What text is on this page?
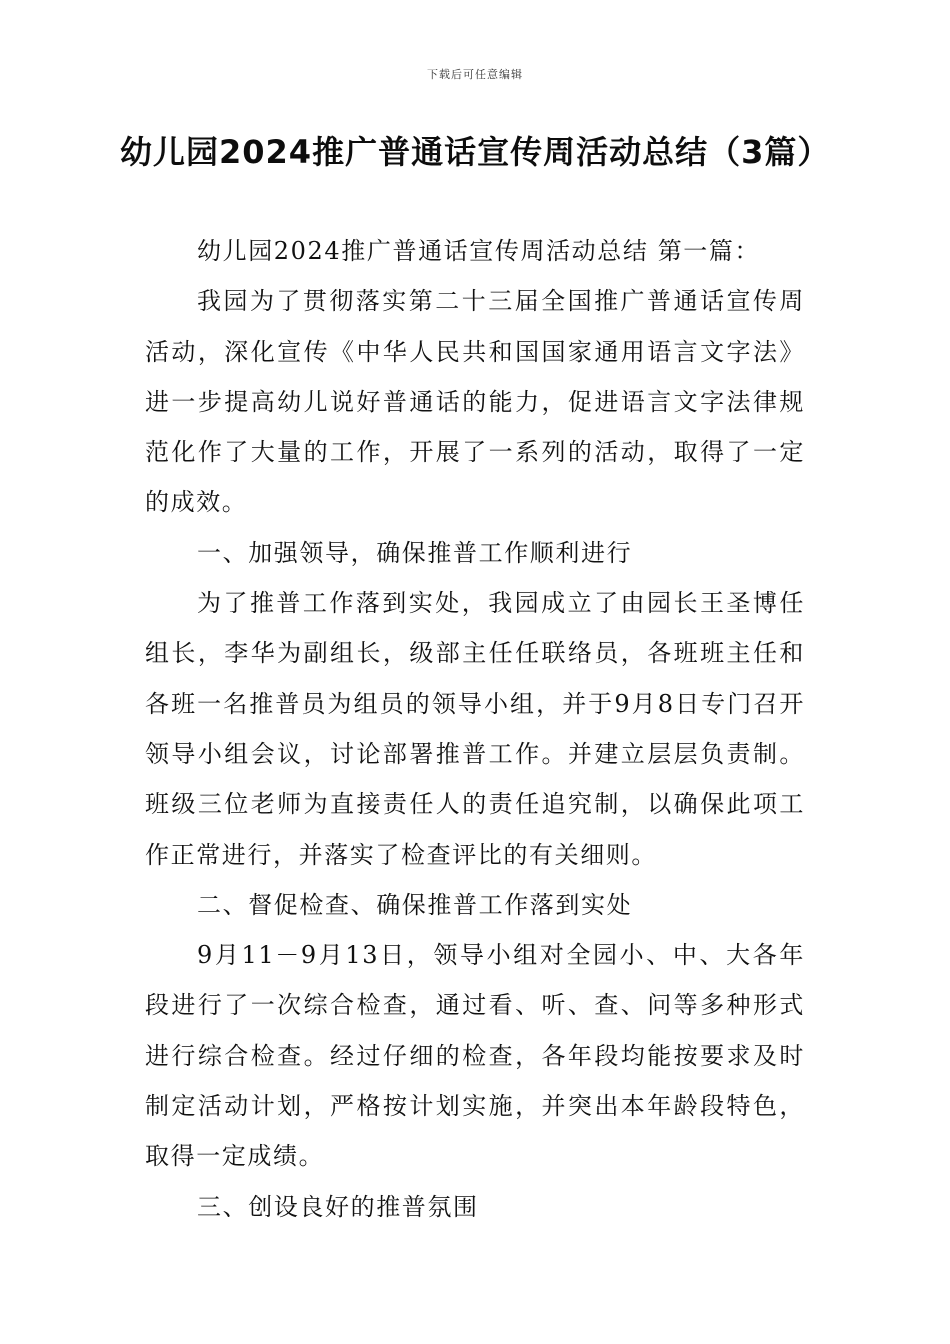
下载后可任意编辑
幼儿园2024推广普通话宣传周活动总结（3篇）

幼儿园2024推广普通话宣传周活动总结 第一篇：

我园为了贯彻落实第二十三届全国推广普通话宣传周活动，深化宣传《中华人民共和国国家通用语言文字法》进一步提高幼儿说好普通话的能力，促进语言文字法律规范化作了大量的工作，开展了一系列的活动，取得了一定的成效。

一、加强领导，确保推普工作顺利进行

为了推普工作落到实处，我园成立了由园长王圣博任组长，李华为副组长，级部主任任联络员，各班班主任和各班一名推普员为组员的领导小组，并于9月8日专门召开领导小组会议，讨论部署推普工作。并建立层层负责制。班级三位老师为直接责任人的责任追究制，以确保此项工作正常进行，并落实了检查评比的有关细则。

二、督促检查、确保推普工作落到实处

9月11－9月13日，领导小组对全园小、中、大各年段进行了一次综合检查，通过看、听、查、问等多种形式进行综合检查。经过仔细的检查，各年段均能按要求及时制定活动计划，严格按计划实施，并突出本年龄段特色，取得一定成绩。

三、创设良好的推普氛围
